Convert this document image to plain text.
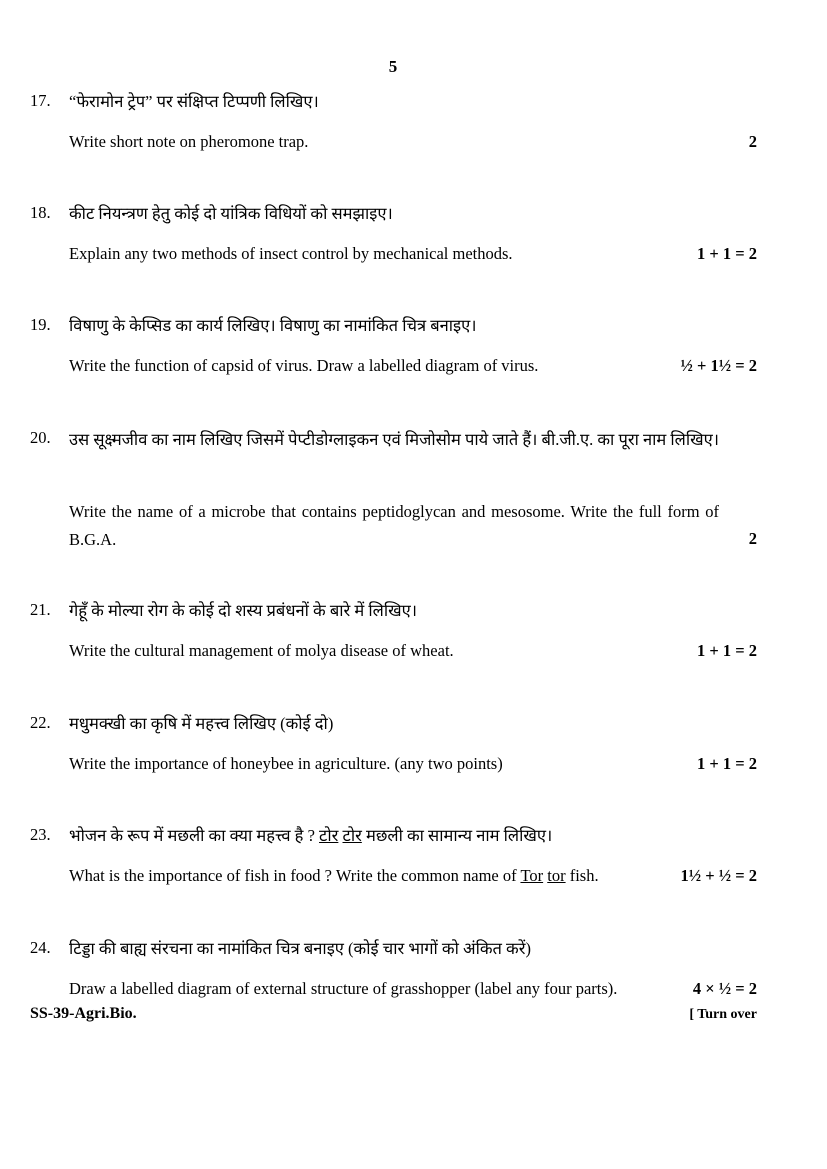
5
17. “फेरामोन ट्रेप” पर संक्षिप्त टिप्पणी लिखिए।
Write short note on pheromone trap.	2
18. कीट नियन्त्रण हेतु कोई दो यांत्रिक विधियों को समझाइए।
Explain any two methods of insect control by mechanical methods.	1 + 1 = 2
19. विषाणु के केप्सिड का कार्य लिखिए। विषाणु का नामांकित चित्र बनाइए।
Write the function of capsid of virus. Draw a labelled diagram of virus.	½ + 1½ = 2
20. उस सूक्ष्मजीव का नाम लिखिए जिसमें पेप्टीडोग्लाइकन एवं मिजोसोम पाये जाते हैं। बी.जी.ए. का पूरा नाम लिखिए।
Write the name of a microbe that contains peptidoglycan and mesosome. Write the full form of B.G.A.	2
21. गेहूँ के मोल्या रोग के कोई दो शस्य प्रबंधनों के बारे में लिखिए।
Write the cultural management of molya disease of wheat.	1 + 1 = 2
22. मधुमक्खी का कृषि में महत्त्व लिखिए (कोई दो)
Write the importance of honeybee in agriculture. (any two points)	1 + 1 = 2
23. भोजन के रूप में मछली का क्या महत्त्व है ? टोर टोर मछली का सामान्य नाम लिखिए।
What is the importance of fish in food ? Write the common name of Tor tor fish.	1½ + ½ = 2
24. टिड्डा की बाह्य संरचना का नामांकित चित्र बनाइए (कोई चार भागों को अंकित करें)
Draw a labelled diagram of external structure of grasshopper (label any four parts).	4 × ½ = 2
SS-39-Agri.Bio.	[ Turn over
